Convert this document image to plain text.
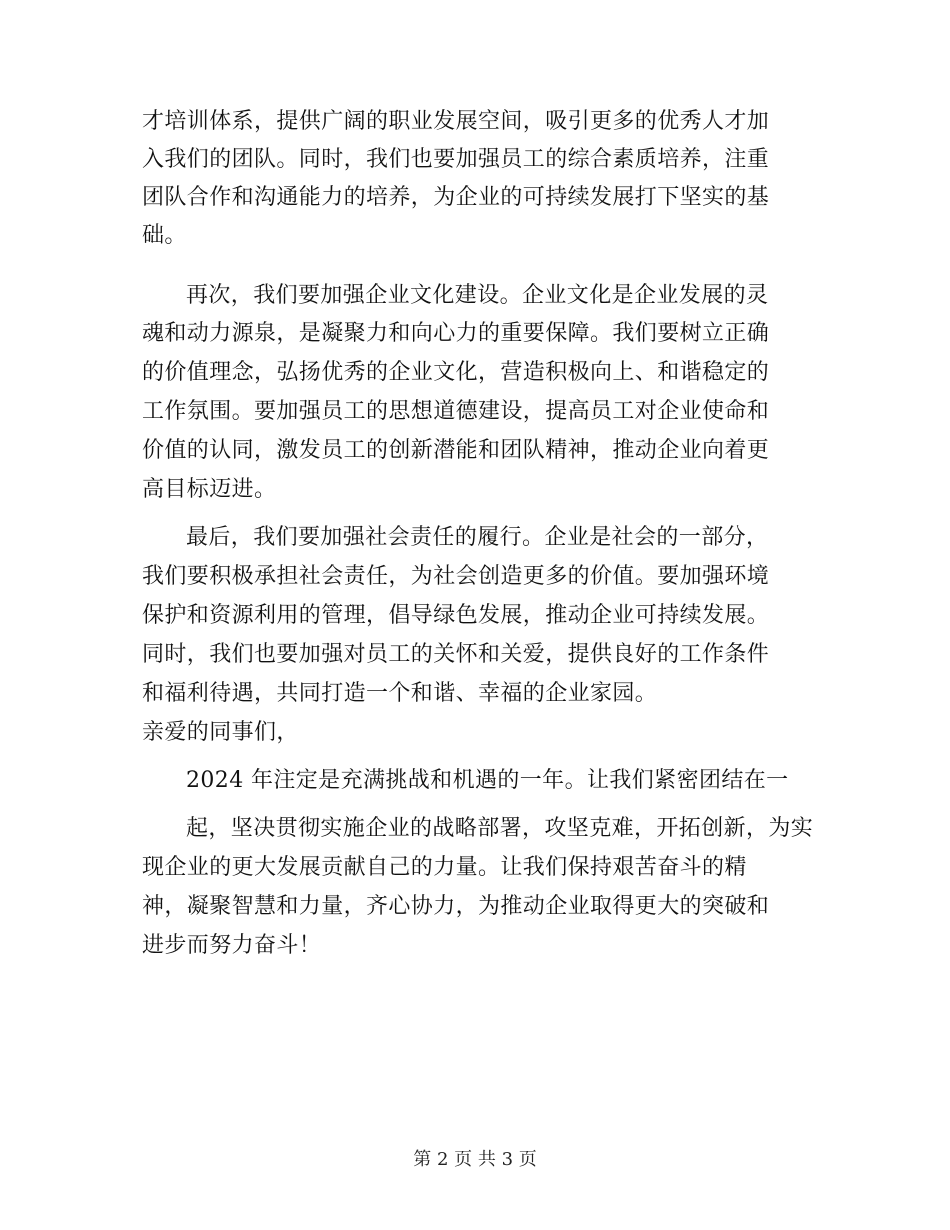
才培训体系，提供广阔的职业发展空间，吸引更多的优秀人才加
入我们的团队。同时，我们也要加强员工的综合素质培养，注重
团队合作和沟通能力的培养，为企业的可持续发展打下坚实的基
础。
再次，我们要加强企业文化建设。企业文化是企业发展的灵
魂和动力源泉，是凝聚力和向心力的重要保障。我们要树立正确
的价值理念，弘扬优秀的企业文化，营造积极向上、和谐稳定的
工作氛围。要加强员工的思想道德建设，提高员工对企业使命和
价值的认同，激发员工的创新潜能和团队精神，推动企业向着更
高目标迈进。
最后，我们要加强社会责任的履行。企业是社会的一部分，
我们要积极承担社会责任，为社会创造更多的价值。要加强环境
保护和资源利用的管理，倡导绿色发展，推动企业可持续发展。
同时，我们也要加强对员工的关怀和关爱，提供良好的工作条件
和福利待遇，共同打造一个和谐、幸福的企业家园。
亲爱的同事们，
2024 年注定是充满挑战和机遇的一年。让我们紧密团结在一
起，坚决贯彻实施企业的战略部署，攻坚克难，开拓创新，为实
现企业的更大发展贡献自己的力量。让我们保持艰苦奋斗的精
神，凝聚智慧和力量，齐心协力，为推动企业取得更大的突破和
进步而努力奋斗！
第 2 页 共 3 页
